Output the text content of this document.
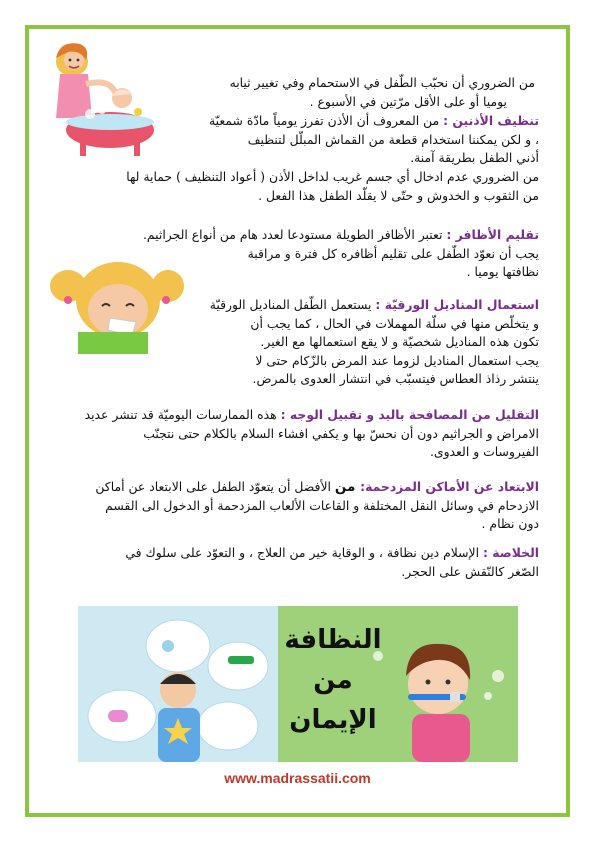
من الضروري أن نحبّب الطّفل في الاستحمام وفي تغيير ثيابه
يوميا أو على الأقل مرّتين في الأسبوع .
تنظيف الأذنين : من المعروف أن الأذن تفرز يومياً مادّة شمعيّة
، و لكن يمكننا استخدام قطعة من القماش المبلّل لتنظيف
أذني الطفل بطريقة آمنة.
من الضروري عدم ادخال أي جسم غريب لداخل الأذن ( أعواد التنظيف ) حماية لها
من الثقوب و الخدوش و حتّى لا يقلّد الطفل هذا الفعل .
تقليم الأظافر : تعتبر الأظافر الطويلة مستودعا لعدد هام من أنواع الجراثيم.
يجب أن نعوّد الطّفل على تقليم أظافره كل فترة و مراقبة
نظافتها يوميا .
استعمال المناديل الورقيّة : يستعمل الطّفل المناديل الورقيّة
و يتخلّص منها في سلّة المهملات في الحال ، كما يجب أن
تكون هذه المناديل شخصيّة و لا يقع استعمالها مع الغير.
يجب استعمال المناديل لزوما عند المرض بالزّكام حتى لا
ينتشر رذاذ العطاس فيتسبّب في انتشار العدوى بالمرض.
التقليل من المصافحة باليد و تقبيل الوجه : هذه الممارسات اليوميّة قد تنشر عديد
الامراض و الجراثيم دون أن نحسّ بها و يكفي افشاء السلام بالكلام حتى نتجنّب
الفيروسات و العدوى.
الابتعاد عن الأماكن المزدحمة: من الأفضل أن يتعوّد الطفل على الابتعاد عن أماكن
الازدحام في وسائل النقل المختلفة و القاعات الألعاب المزدحمة أو الدخول الى القسم
دون نظام .
الخلاصة : الإسلام دين نظافة ، و الوقاية خير من العلاج ، و التعوّد على سلوك في
الصّغر كالنّقش على الحجر.
النظافة
من
الإيمان
www.madrassatii.com
